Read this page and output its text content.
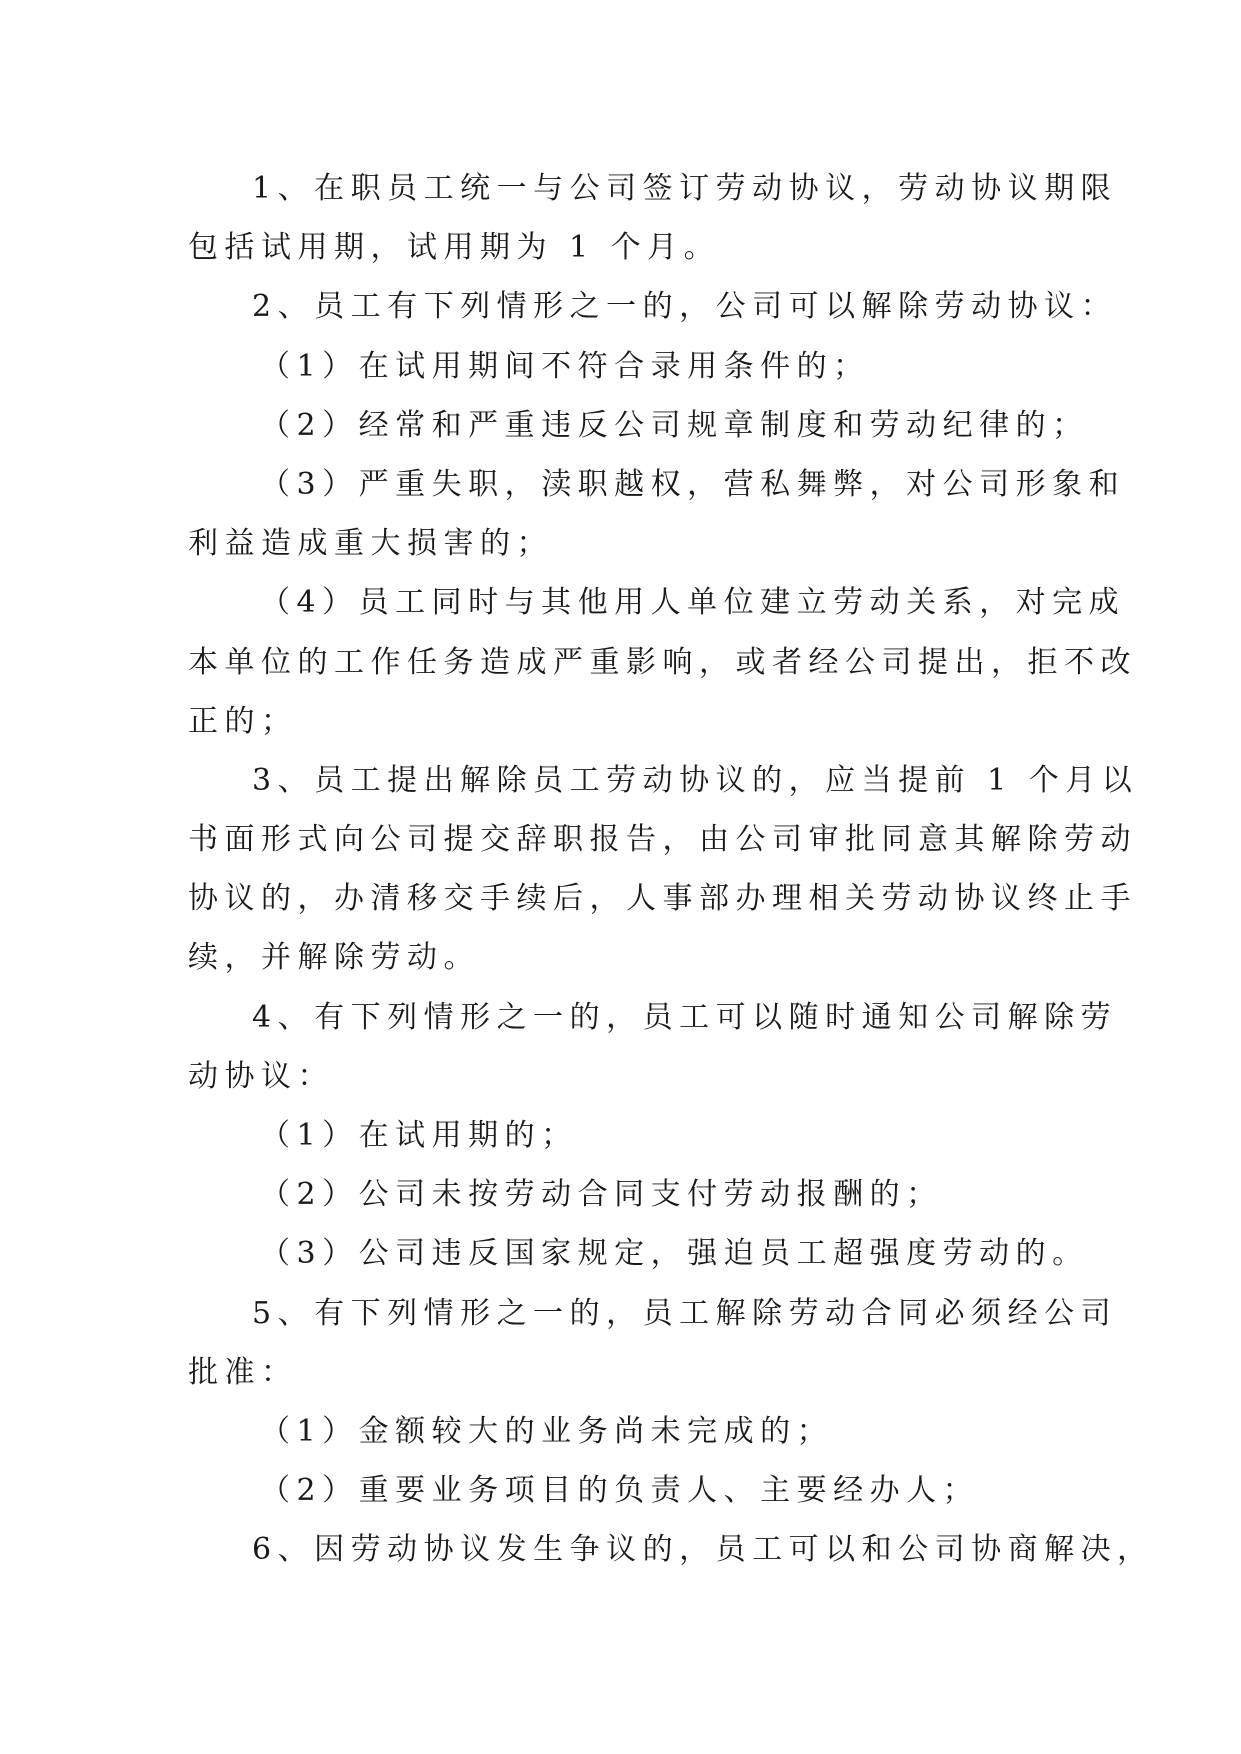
1、在职员工统一与公司签订劳动协议，劳动协议期限
包括试用期，试用期为 1 个月。
2、员工有下列情形之一的，公司可以解除劳动协议：
（1）在试用期间不符合录用条件的；
（2）经常和严重违反公司规章制度和劳动纪律的；
（3）严重失职，渎职越权，营私舞弊，对公司形象和
利益造成重大损害的；
（4）员工同时与其他用人单位建立劳动关系，对完成
本单位的工作任务造成严重影响，或者经公司提出，拒不改
正的；
3、员工提出解除员工劳动协议的，应当提前 1 个月以
书面形式向公司提交辞职报告，由公司审批同意其解除劳动
协议的，办清移交手续后，人事部办理相关劳动协议终止手
续，并解除劳动。
4、有下列情形之一的，员工可以随时通知公司解除劳
动协议：
（1）在试用期的；
（2）公司未按劳动合同支付劳动报酬的；
（3）公司违反国家规定，强迫员工超强度劳动的。
5、有下列情形之一的，员工解除劳动合同必须经公司
批准：
（1）金额较大的业务尚未完成的；
（2）重要业务项目的负责人、主要经办人；
6、因劳动协议发生争议的，员工可以和公司协商解决，
